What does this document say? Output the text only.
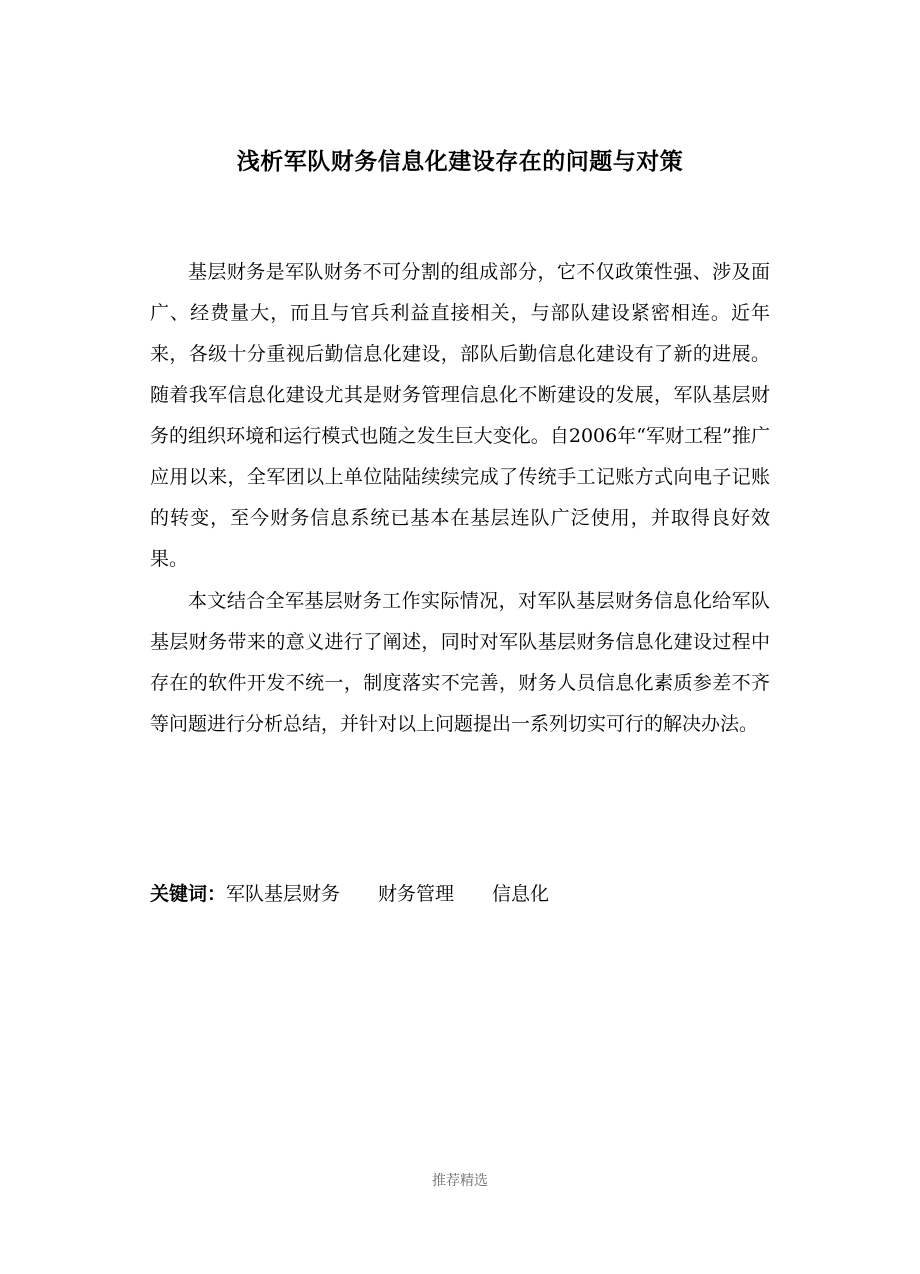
浅析军队财务信息化建设存在的问题与对策

基层财务是军队财务不可分割的组成部分，它不仅政策性强、涉及面广、经费量大，而且与官兵利益直接相关，与部队建设紧密相连。近年来，各级十分重视后勤信息化建设，部队后勤信息化建设有了新的进展。随着我军信息化建设尤其是财务管理信息化不断建设的发展，军队基层财务的组织环境和运行模式也随之发生巨大变化。自2006年“军财工程”推广应用以来，全军团以上单位陆陆续续完成了传统手工记账方式向电子记账的转变，至今财务信息系统已基本在基层连队广泛使用，并取得良好效果。

本文结合全军基层财务工作实际情况，对军队基层财务信息化给军队基层财务带来的意义进行了阐述，同时对军队基层财务信息化建设过程中存在的软件开发不统一，制度落实不完善，财务人员信息化素质参差不齐等问题进行分析总结，并针对以上问题提出一系列切实可行的解决办法。

关键词：军队基层财务 财务管理 信息化
推荐精选
